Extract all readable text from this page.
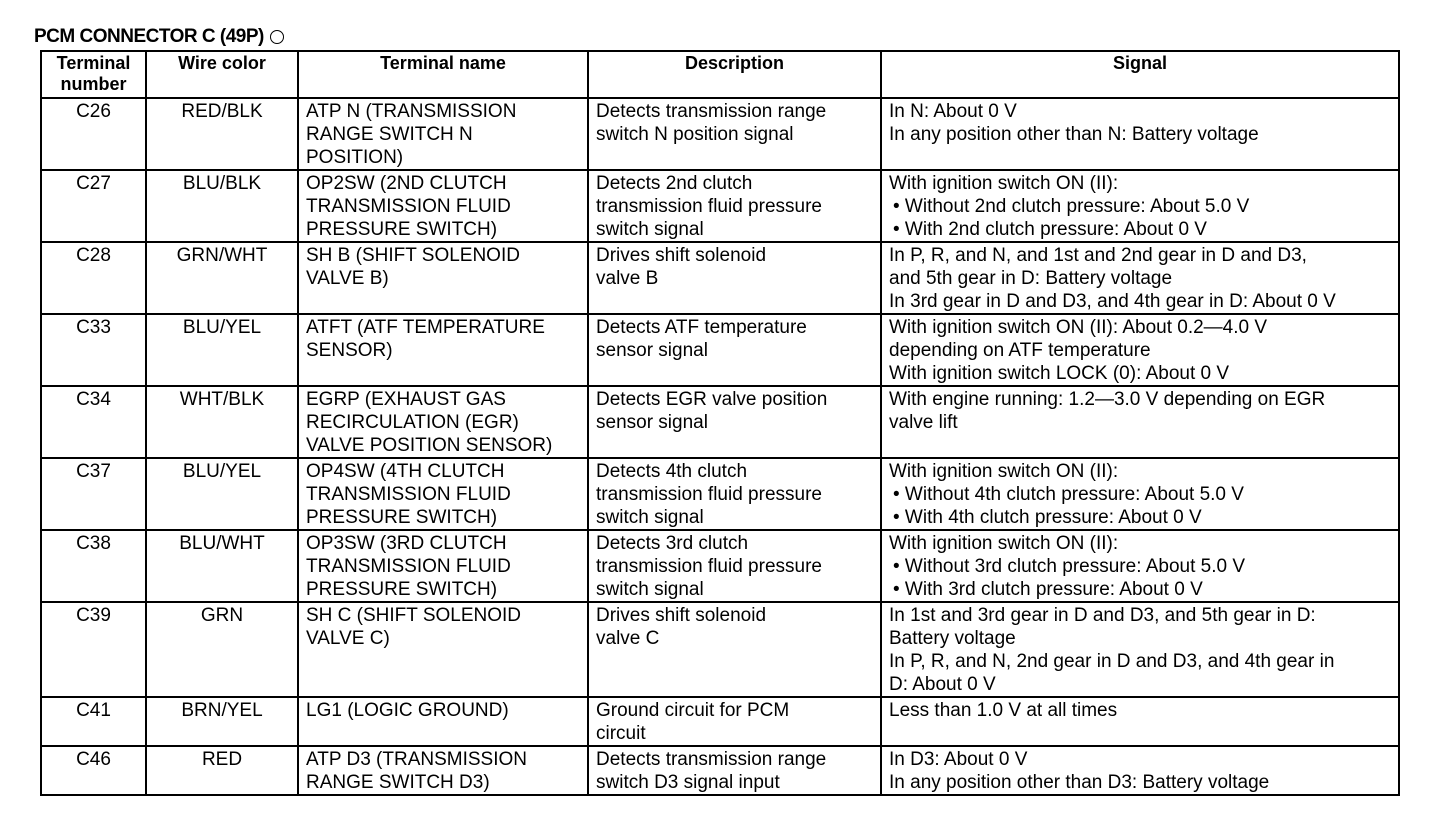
PCM CONNECTOR C (49P)
Terminal
number	Wire color	Terminal name	Description	Signal
C26	RED/BLK	ATP N (TRANSMISSION
RANGE SWITCH N
POSITION)	Detects transmission range
switch N position signal	In N: About 0 V
In any position other than N: Battery voltage

C27	BLU/BLK	OP2SW (2ND CLUTCH
TRANSMISSION FLUID
PRESSURE SWITCH)	Detects 2nd clutch
transmission fluid pressure
switch signal	With ignition switch ON (II):
• Without 2nd clutch pressure: About 5.0 V
• With 2nd clutch pressure: About 0 V

C28	GRN/WHT	SH B (SHIFT SOLENOID
VALVE B)	Drives shift solenoid
valve B	In P, R, and N, and 1st and 2nd gear in D and D3,
and 5th gear in D: Battery voltage
In 3rd gear in D and D3, and 4th gear in D: About 0 V

C33	BLU/YEL	ATFT (ATF TEMPERATURE
SENSOR)	Detects ATF temperature
sensor signal	With ignition switch ON (II): About 0.2—4.0 V
depending on ATF temperature
With ignition switch LOCK (0): About 0 V

C34	WHT/BLK	EGRP (EXHAUST GAS
RECIRCULATION (EGR)
VALVE POSITION SENSOR)	Detects EGR valve position
sensor signal	With engine running: 1.2—3.0 V depending on EGR
valve lift

C37	BLU/YEL	OP4SW (4TH CLUTCH
TRANSMISSION FLUID
PRESSURE SWITCH)	Detects 4th clutch
transmission fluid pressure
switch signal	With ignition switch ON (II):
• Without 4th clutch pressure: About 5.0 V
• With 4th clutch pressure: About 0 V

C38	BLU/WHT	OP3SW (3RD CLUTCH
TRANSMISSION FLUID
PRESSURE SWITCH)	Detects 3rd clutch
transmission fluid pressure
switch signal	With ignition switch ON (II):
• Without 3rd clutch pressure: About 5.0 V
• With 3rd clutch pressure: About 0 V

C39	GRN	SH C (SHIFT SOLENOID
VALVE C)	Drives shift solenoid
valve C	In 1st and 3rd gear in D and D3, and 5th gear in D:
Battery voltage
In P, R, and N, 2nd gear in D and D3, and 4th gear in
D: About 0 V

C41	BRN/YEL	LG1 (LOGIC GROUND)	Ground circuit for PCM
circuit	Less than 1.0 V at all times

C46	RED	ATP D3 (TRANSMISSION
RANGE SWITCH D3)	Detects transmission range
switch D3 signal input	In D3: About 0 V
In any position other than D3: Battery voltage
